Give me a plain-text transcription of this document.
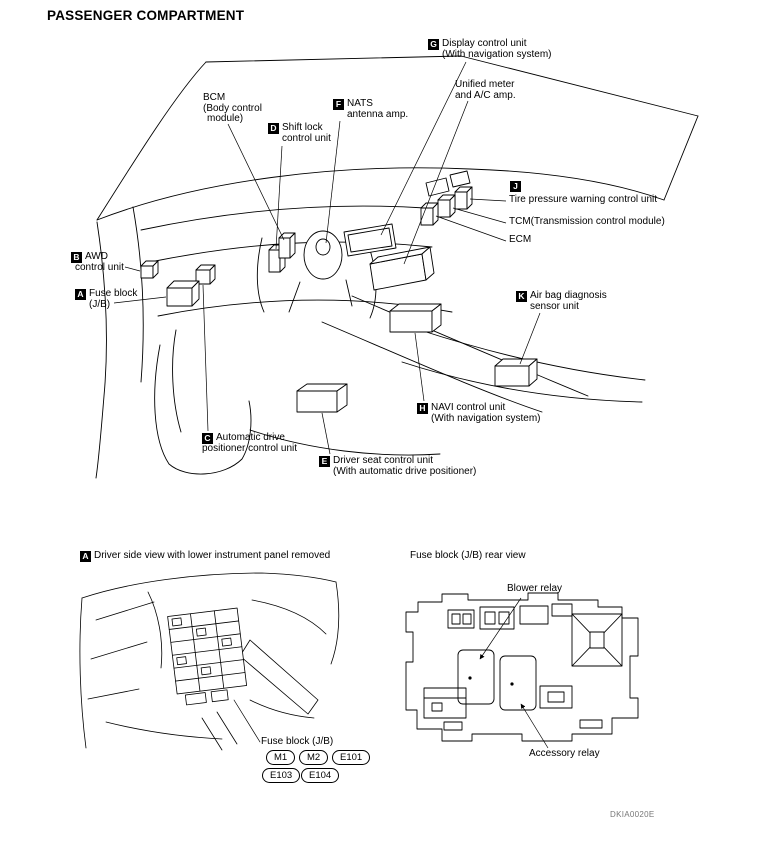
PASSENGER COMPARTMENT
G Display control unit
(With navigation system)
Unified meter
and A/C amp.
BCM
(Body control
module)
F NATS
antenna amp.
D Shift lock
control unit
J
Tire pressure warning control unit
TCM(Transmission control module)
ECM
B AWD
control unit
A Fuse block
(J/B)
K Air bag diagnosis
sensor unit
C Automatic drive
positioner control unit
H NAVI control unit
(With navigation system)
E Driver seat control unit
(With automatic drive positioner)
A Driver side view with lower instrument panel removed
Fuse block (J/B)
M1	M2	E101
E103	E104
Fuse block (J/B) rear view
Blower relay
Accessory relay
DKIA0020E
